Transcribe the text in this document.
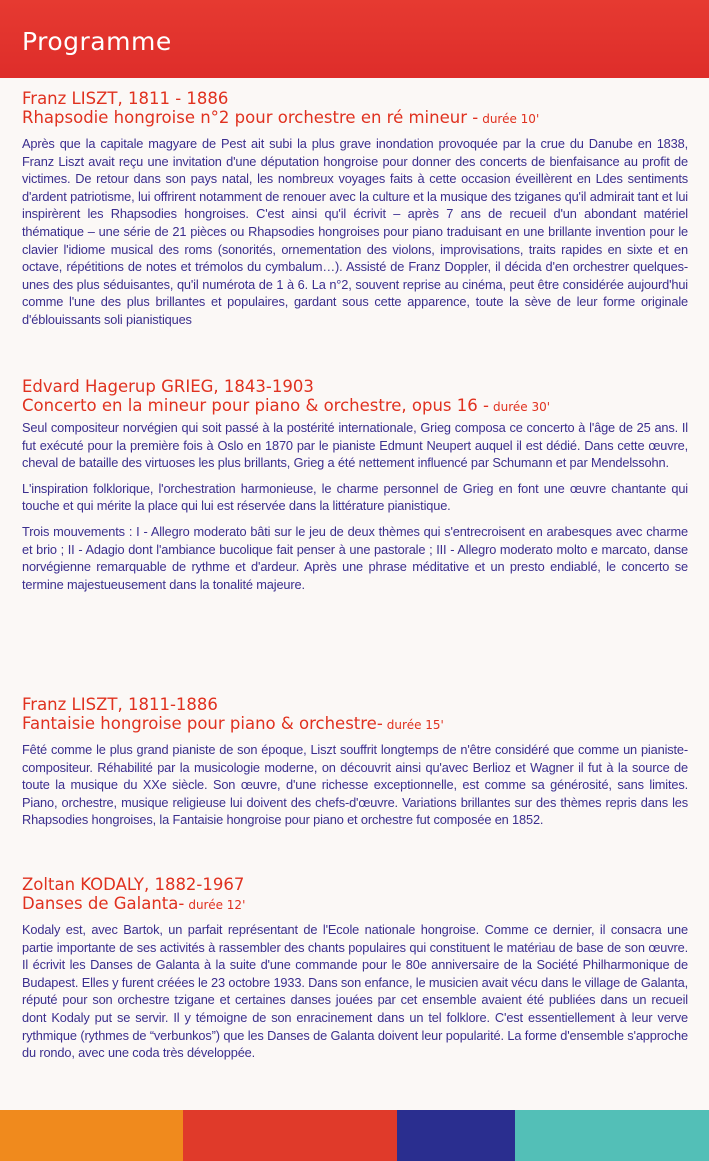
Programme
Franz LISZT, 1811 - 1886
Rhapsodie hongroise n°2 pour orchestre en ré mineur - durée 10'

Après que la capitale magyare de Pest ait subi la plus grave inondation provoquée par la crue du Danube en 1838, Franz Liszt avait reçu une invitation d'une députation hongroise pour donner des concerts de bienfaisance au profit de victimes. De retour dans son pays natal, les nombreux voyages faits à cette occasion éveillèrent en Ldes sentiments d'ardent patriotisme, lui offrirent notamment de renouer avec la culture et la musique des tziganes qu'il admirait tant et lui inspirèrent les Rhapsodies hongroises. C'est ainsi qu'il écrivit – après 7 ans de recueil d'un abondant matériel thématique – une série de 21 pièces ou Rhapsodies hongroises pour piano traduisant en une brillante invention pour le clavier l'idiome musical des roms (sonorités, ornementation des violons, improvisations, traits rapides en sixte et en octave, répétitions de notes et trémolos du cymbalum…). Assisté de Franz Doppler, il décida d'en orchestrer quelques-unes des plus séduisantes, qu'il numérota de 1 à 6. La n°2, souvent reprise au cinéma, peut être considérée aujourd'hui comme l'une des plus brillantes et populaires, gardant sous cette apparence, toute la sève de leur forme originale d'éblouissants soli pianistiques

Edvard Hagerup GRIEG, 1843-1903
Concerto en la mineur pour piano & orchestre, opus 16 - durée 30'

Seul compositeur norvégien qui soit passé à la postérité internationale, Grieg composa ce concerto à l'âge de 25 ans. Il fut exécuté pour la première fois à Oslo en 1870 par le pianiste Edmunt Neupert auquel il est dédié. Dans cette œuvre, cheval de bataille des virtuoses les plus brillants, Grieg a été nettement influencé par Schumann et par Mendelssohn.

L'inspiration folklorique, l'orchestration harmonieuse, le charme personnel de Grieg en font une œuvre chantante qui touche et qui mérite la place qui lui est réservée dans la littérature pianistique.

Trois mouvements : I - Allegro moderato bâti sur le jeu de deux thèmes qui s'entrecroisent en arabesques avec charme et brio ; II - Adagio dont l'ambiance bucolique fait penser à une pastorale ; III - Allegro moderato molto e marcato, danse norvégienne remarquable de rythme et d'ardeur. Après une phrase méditative et un presto endiablé, le concerto se termine majestueusement dans la tonalité majeure.

Franz LISZT, 1811-1886
Fantaisie hongroise pour piano & orchestre- durée 15'

Fêté comme le plus grand pianiste de son époque, Liszt souffrit longtemps de n'être considéré que comme un pianiste-compositeur. Réhabilité par la musicologie moderne, on découvrit ainsi qu'avec Berlioz et Wagner il fut à la source de toute la musique du XXe siècle. Son œuvre, d'une richesse exceptionnelle, est comme sa générosité, sans limites. Piano, orchestre, musique religieuse lui doivent des chefs-d'œuvre. Variations brillantes sur des thèmes repris dans les Rhapsodies hongroises, la Fantaisie hongroise pour piano et orchestre fut composée en 1852.

Zoltan KODALY, 1882-1967
Danses de Galanta- durée 12'

Kodaly est, avec Bartok, un parfait représentant de l'Ecole nationale hongroise. Comme ce dernier, il consacra une partie importante de ses activités à rassembler des chants populaires qui constituent le matériau de base de son œuvre. Il écrivit les Danses de Galanta à la suite d'une commande pour le 80e anniversaire de la Société Philharmonique de Budapest. Elles y furent créées le 23 octobre 1933. Dans son enfance, le musicien avait vécu dans le village de Galanta, réputé pour son orchestre tzigane et certaines danses jouées par cet ensemble avaient été publiées dans un recueil dont Kodaly put se servir. Il y témoigne de son enracinement dans un tel folklore. C'est essentiellement à leur verve rythmique (rythmes de “verbunkos”) que les Danses de Galanta doivent leur popularité. La forme d'ensemble s'approche du rondo, avec une coda très développée.
